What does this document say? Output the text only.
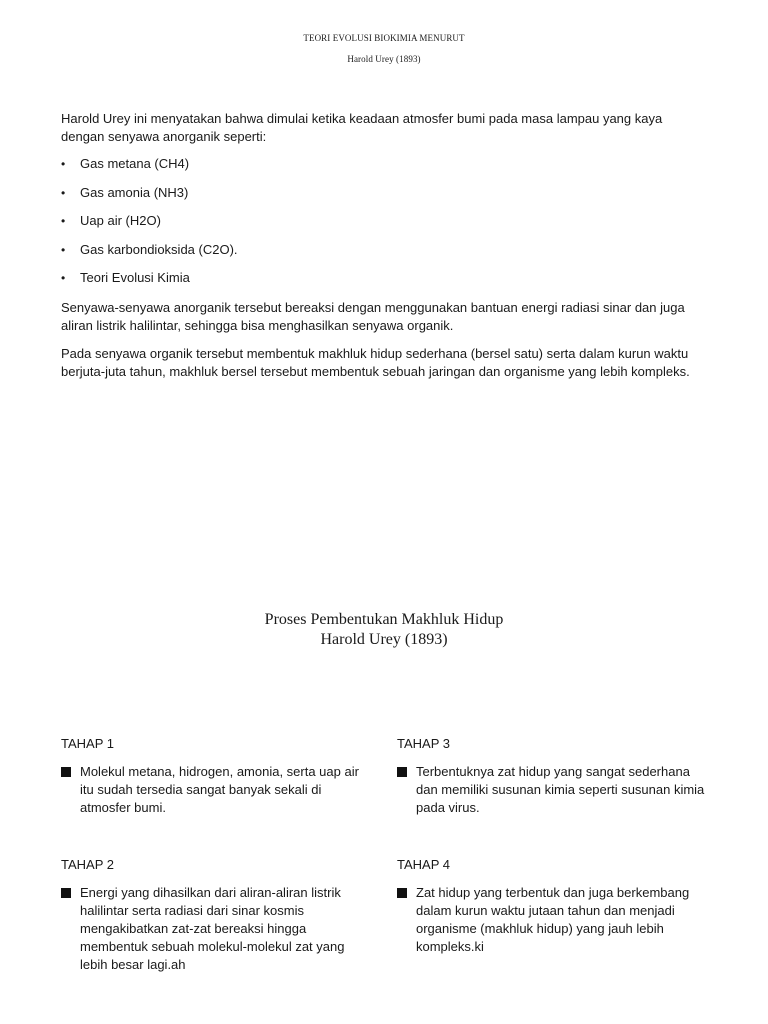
TEORI EVOLUSI BIOKIMIA MENURUT
Harold Urey (1893)

Harold Urey ini menyatakan bahwa dimulai ketika keadaan atmosfer bumi pada masa lampau yang kaya dengan senyawa anorganik seperti:

• Gas metana (CH4)
• Gas amonia (NH3)
• Uap air (H2O)
• Gas karbondioksida (C2O).
• Teori Evolusi Kimia

Senyawa-senyawa anorganik tersebut bereaksi dengan menggunakan bantuan energi radiasi sinar dan juga aliran listrik halilintar, sehingga bisa menghasilkan senyawa organik.

Pada senyawa organik tersebut membentuk makhluk hidup sederhana (bersel satu) serta dalam kurun waktu berjuta-juta tahun, makhluk bersel tersebut membentuk sebuah jaringan dan organisme yang lebih kompleks.

Proses Pembentukan Makhluk Hidup
Harold Urey (1893)

TAHAP 1

Molekul metana, hidrogen, amonia, serta uap air itu sudah tersedia sangat banyak sekali di atmosfer bumi.

TAHAP 2

Energi yang dihasilkan dari aliran-aliran listrik halilintar serta radiasi dari sinar kosmis mengakibatkan zat-zat bereaksi hingga membentuk sebuah molekul-molekul zat yang lebih besar lagi.ah

TAHAP 3

Terbentuknya zat hidup yang sangat sederhana dan memiliki susunan kimia seperti susunan kimia pada virus.

TAHAP 4

Zat hidup yang terbentuk dan juga berkembang dalam kurun waktu jutaan tahun dan menjadi organisme (makhluk hidup) yang jauh lebih kompleks.ki
